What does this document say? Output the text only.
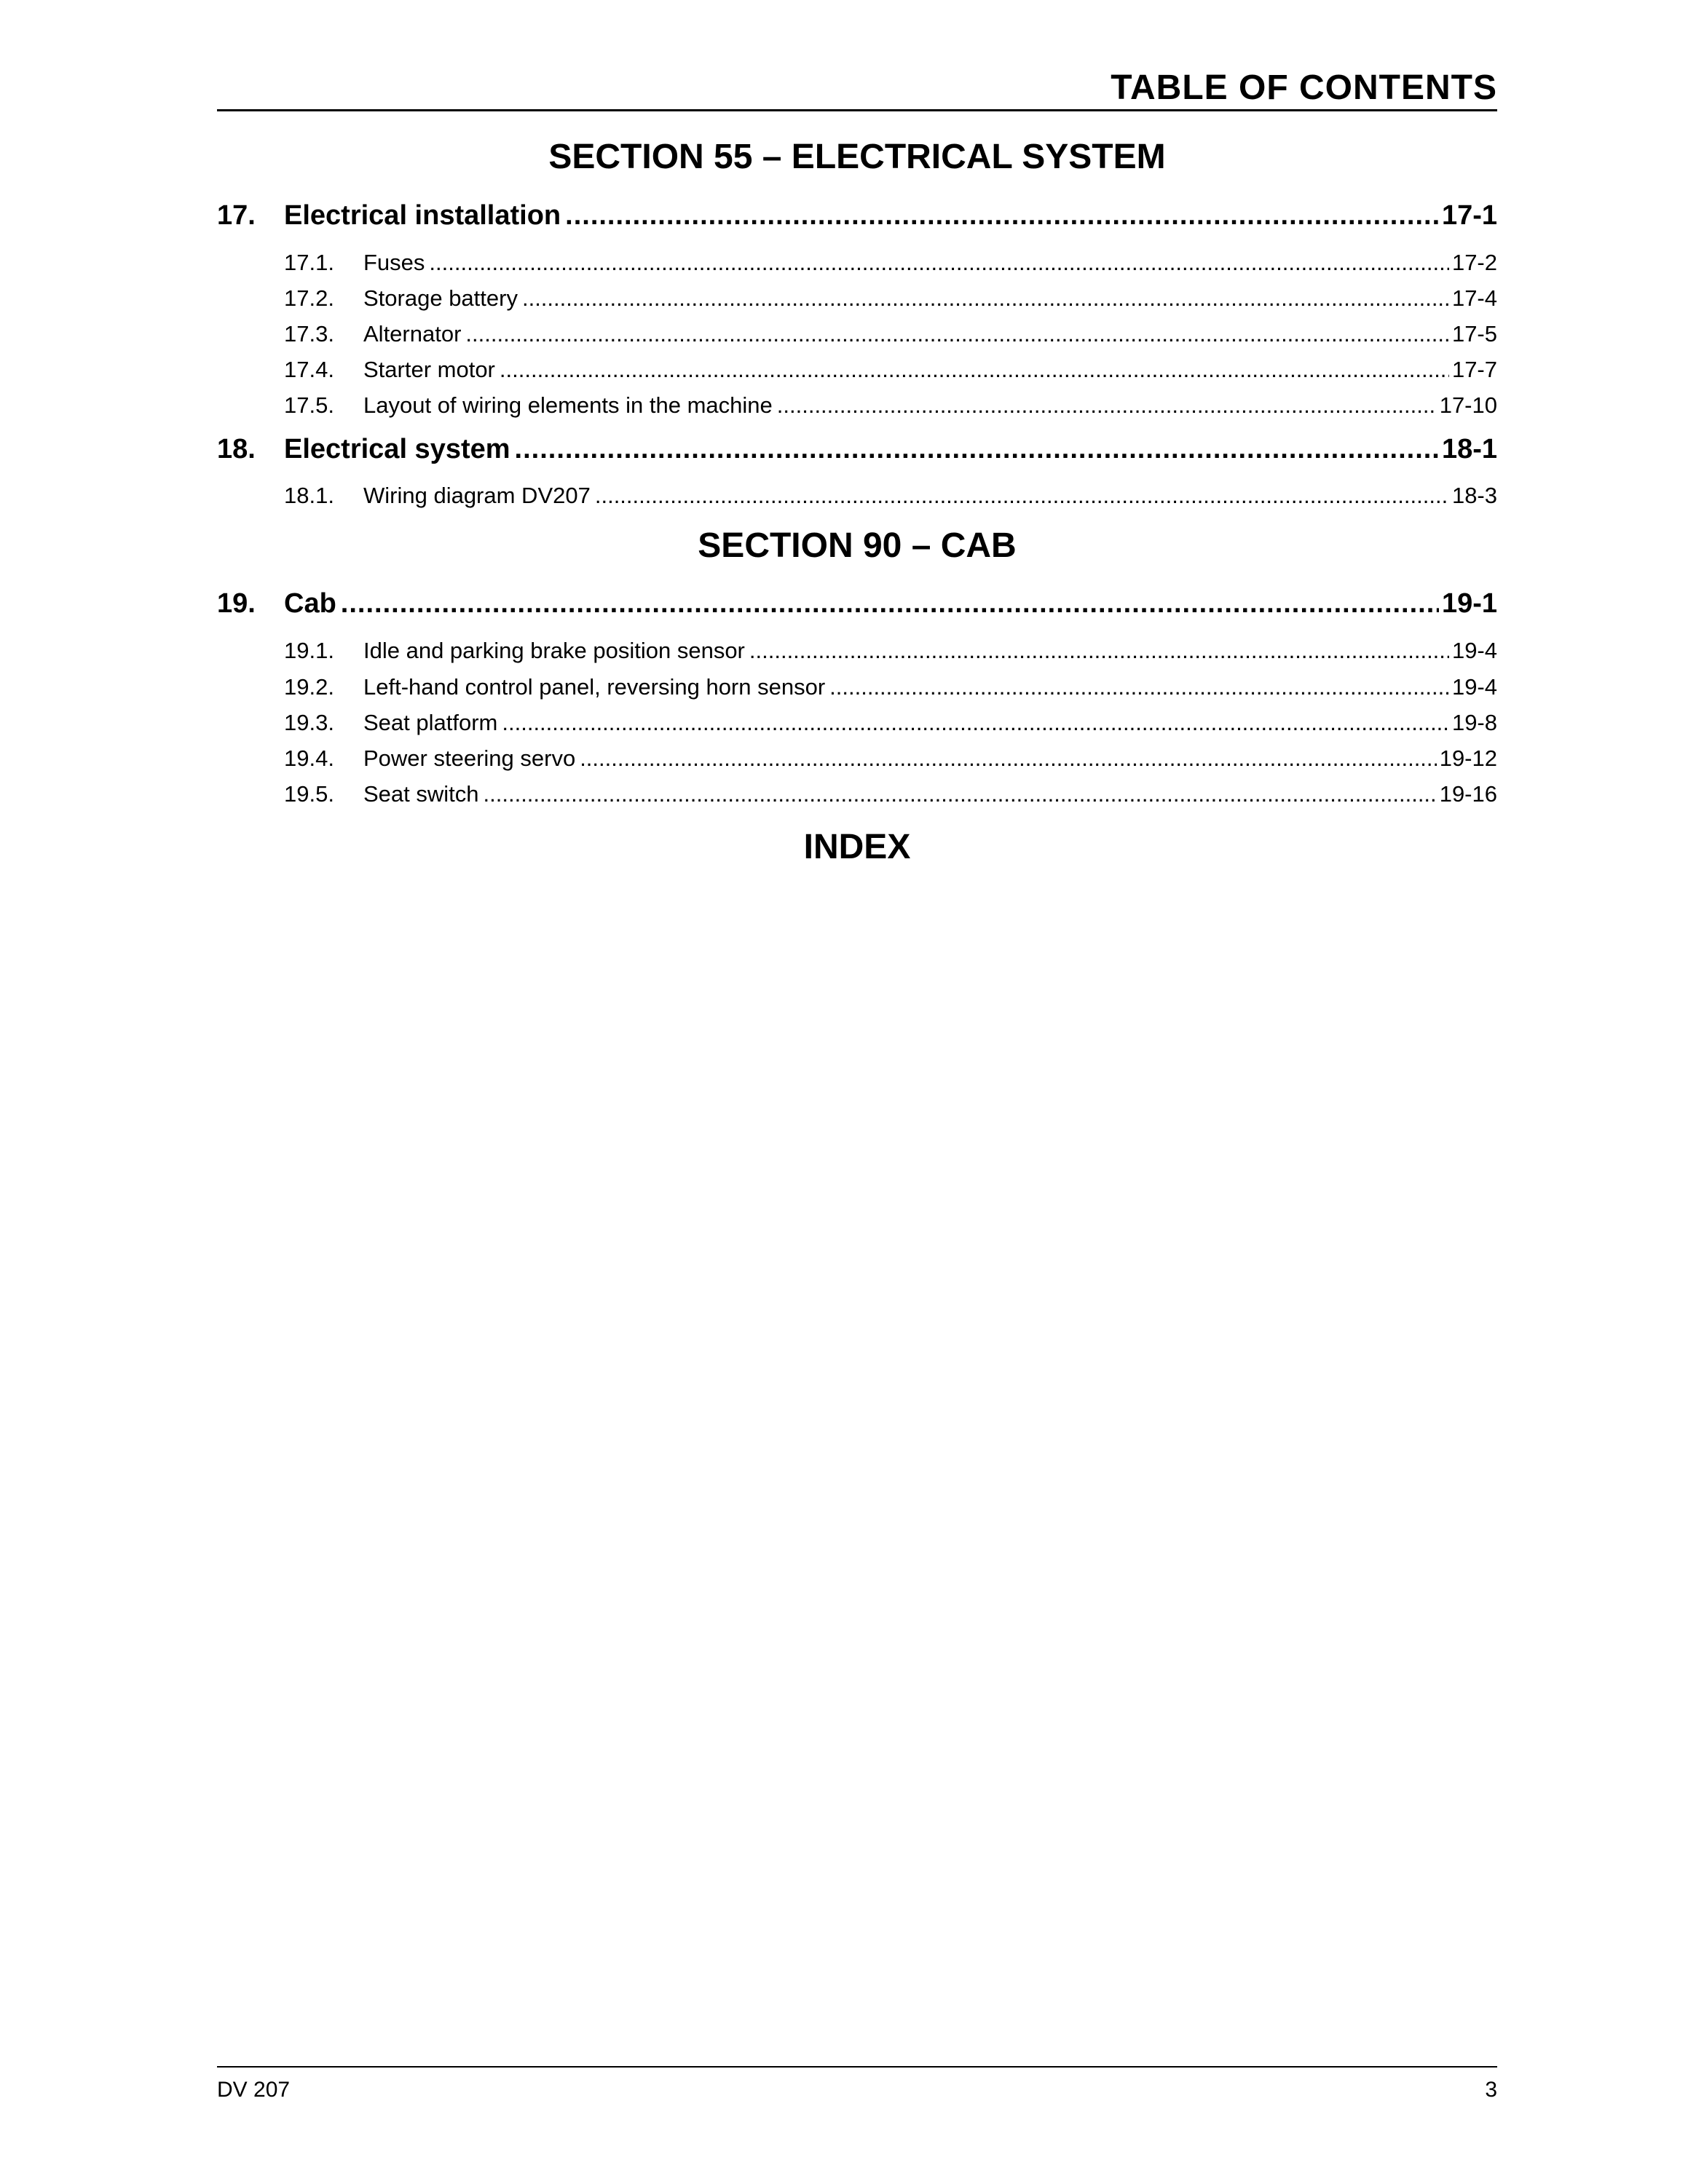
TABLE OF CONTENTS
SECTION 55 – ELECTRICAL SYSTEM
17.	Electrical installation .....	17-1
17.1.	Fuses .....	17-2
17.2.	Storage battery .....	17-4
17.3.	Alternator .....	17-5
17.4.	Starter motor .....	17-7
17.5.	Layout of wiring elements in the machine .....	17-10
18.	Electrical system .....	18-1
18.1.	Wiring diagram DV207 .....	18-3
SECTION 90 – CAB
19.	Cab .....	19-1
19.1.	Idle and parking brake position sensor .....	19-4
19.2.	Left-hand control panel, reversing horn sensor .....	19-4
19.3.	Seat platform .....	19-8
19.4.	Power steering servo .....	19-12
19.5.	Seat switch .....	19-16
INDEX
DV 207	3
